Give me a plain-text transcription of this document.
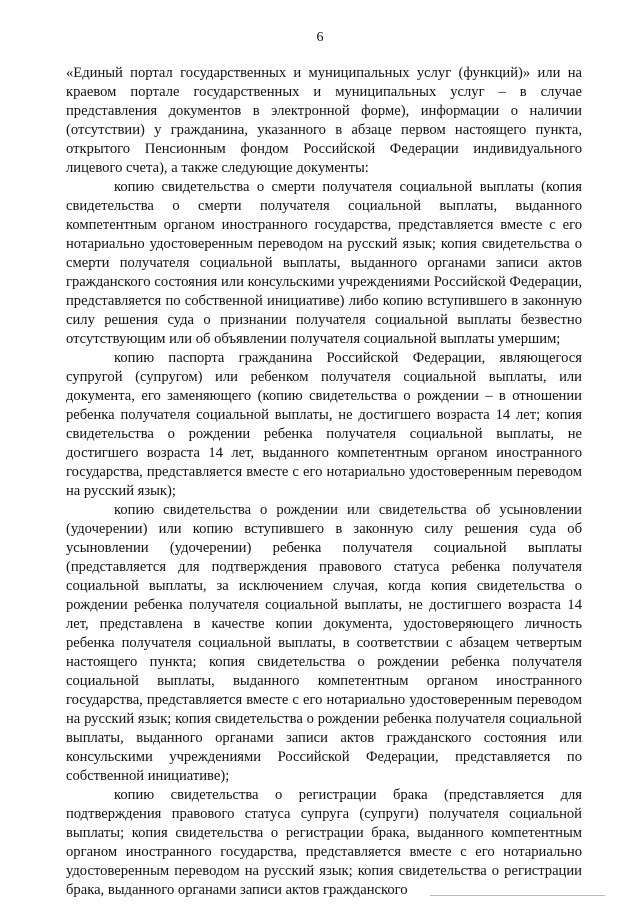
6

«Единый портал государственных и муниципальных услуг (функций)» или на краевом портале государственных и муниципальных услуг – в случае представления документов в электронной форме), информации о наличии (отсутствии) у гражданина, указанного в абзаце первом настоящего пункта, открытого Пенсионным фондом Российской Федерации индивидуального лицевого счета), а также следующие документы:

копию свидетельства о смерти получателя социальной выплаты (копия свидетельства о смерти получателя социальной выплаты, выданного компетентным органом иностранного государства, представляется вместе с его нотариально удостоверенным переводом на русский язык; копия свидетельства о смерти получателя социальной выплаты, выданного органами записи актов гражданского состояния или консульскими учреждениями Российской Федерации, представляется по собственной инициативе) либо копию вступившего в законную силу решения суда о признании получателя социальной выплаты безвестно отсутствующим или об объявлении получателя социальной выплаты умершим;

копию паспорта гражданина Российской Федерации, являющегося супругой (супругом) или ребенком получателя социальной выплаты, или документа, его заменяющего (копию свидетельства о рождении – в отношении ребенка получателя социальной выплаты, не достигшего возраста 14 лет; копия свидетельства о рождении ребенка получателя социальной выплаты, не достигшего возраста 14 лет, выданного компетентным органом иностранного государства, представляется вместе с его нотариально удостоверенным переводом на русский язык);

копию свидетельства о рождении или свидетельства об усыновлении (удочерении) или копию вступившего в законную силу решения суда об усыновлении (удочерении) ребенка получателя социальной выплаты (представляется для подтверждения правового статуса ребенка получателя социальной выплаты, за исключением случая, когда копия свидетельства о рождении ребенка получателя социальной выплаты, не достигшего возраста 14 лет, представлена в качестве копии документа, удостоверяющего личность ребенка получателя социальной выплаты, в соответствии с абзацем четвертым настоящего пункта; копия свидетельства о рождении ребенка получателя социальной выплаты, выданного компетентным органом иностранного государства, представляется вместе с его нотариально удостоверенным переводом на русский язык; копия свидетельства о рождении ребенка получателя социальной выплаты, выданного органами записи актов гражданского состояния или консульскими учреждениями Российской Федерации, представляется по собственной инициативе);

копию свидетельства о регистрации брака (представляется для подтверждения правового статуса супруга (супруги) получателя социальной выплаты; копия свидетельства о регистрации брака, выданного компетентным органом иностранного государства, представляется вместе с его нотариально удостоверенным переводом на русский язык; копия свидетельства о регистрации брака, выданного органами записи актов гражданского
